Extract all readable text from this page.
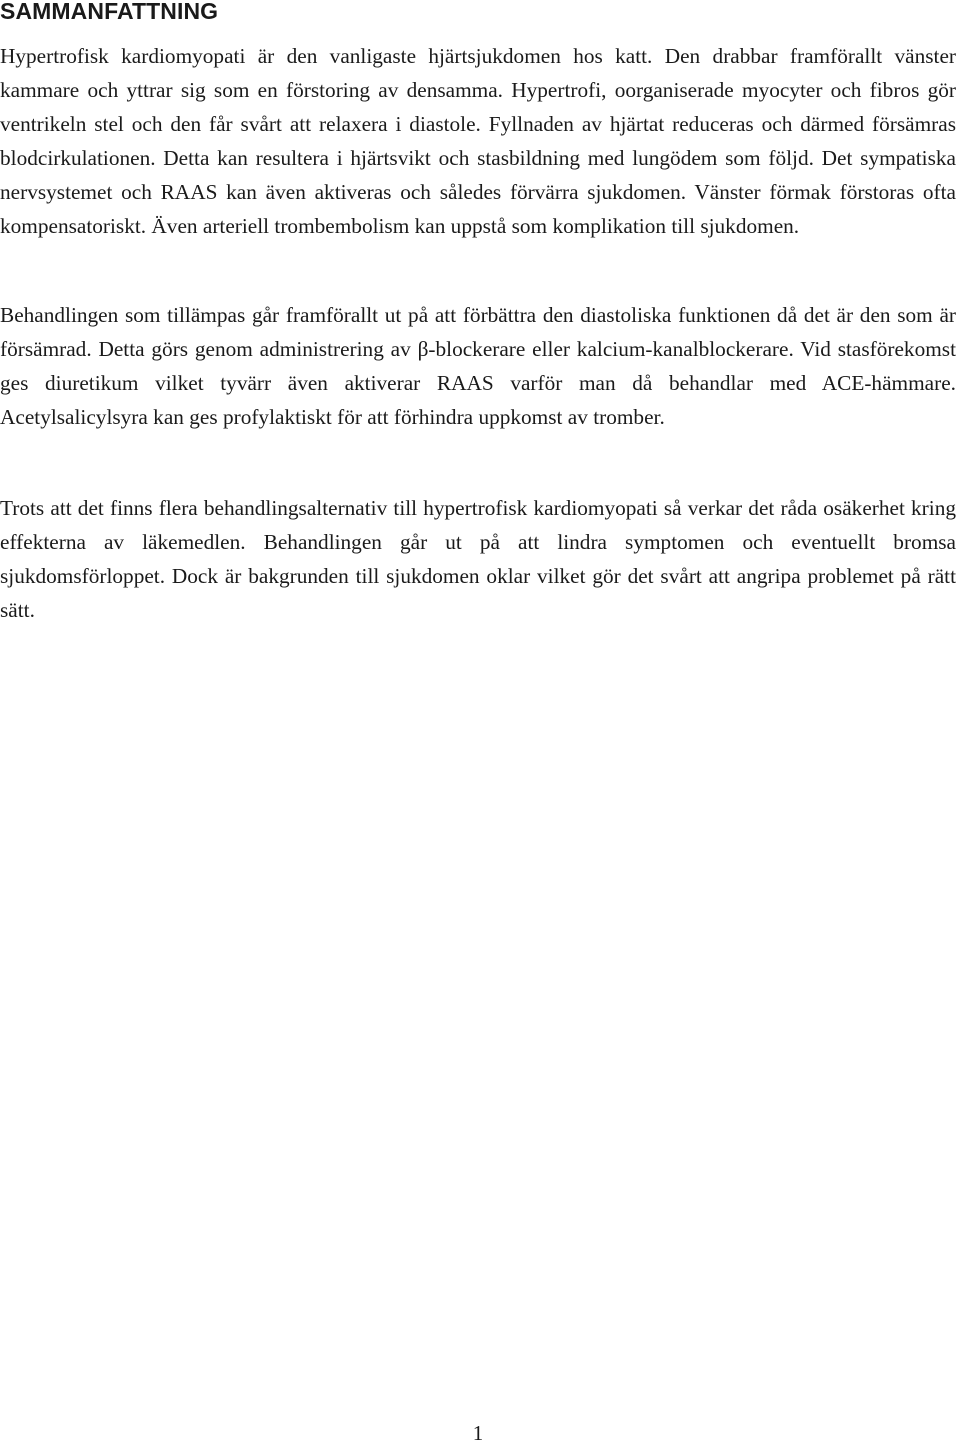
SAMMANFATTNING

Hypertrofisk kardiomyopati är den vanligaste hjärtsjukdomen hos katt. Den drabbar framförallt vänster kammare och yttrar sig som en förstoring av densamma. Hypertrofi, oorganiserade myocyter och fibros gör ventrikeln stel och den får svårt att relaxera i diastole. Fyllnaden av hjärtat reduceras och därmed försämras blodcirkulationen. Detta kan resultera i hjärtsvikt och stasbildning med lungödem som följd. Det sympatiska nervsystemet och RAAS kan även aktiveras och således förvärra sjukdomen. Vänster förmak förstoras ofta kompensatoriskt. Även arteriell trombembolism kan uppstå som komplikation till sjukdomen.

Behandlingen som tillämpas går framförallt ut på att förbättra den diastoliska funktionen då det är den som är försämrad. Detta görs genom administrering av β-blockerare eller kalcium-kanalblockerare. Vid stasförekomst ges diuretikum vilket tyvärr även aktiverar RAAS varför man då behandlar med ACE-hämmare. Acetylsalicylsyra kan ges profylaktiskt för att förhindra uppkomst av tromber.

Trots att det finns flera behandlingsalternativ till hypertrofisk kardiomyopati så verkar det råda osäkerhet kring effekterna av läkemedlen. Behandlingen går ut på att lindra symptomen och eventuellt bromsa sjukdomsförloppet. Dock är bakgrunden till sjukdomen oklar vilket gör det svårt att angripa problemet på rätt sätt.

1
